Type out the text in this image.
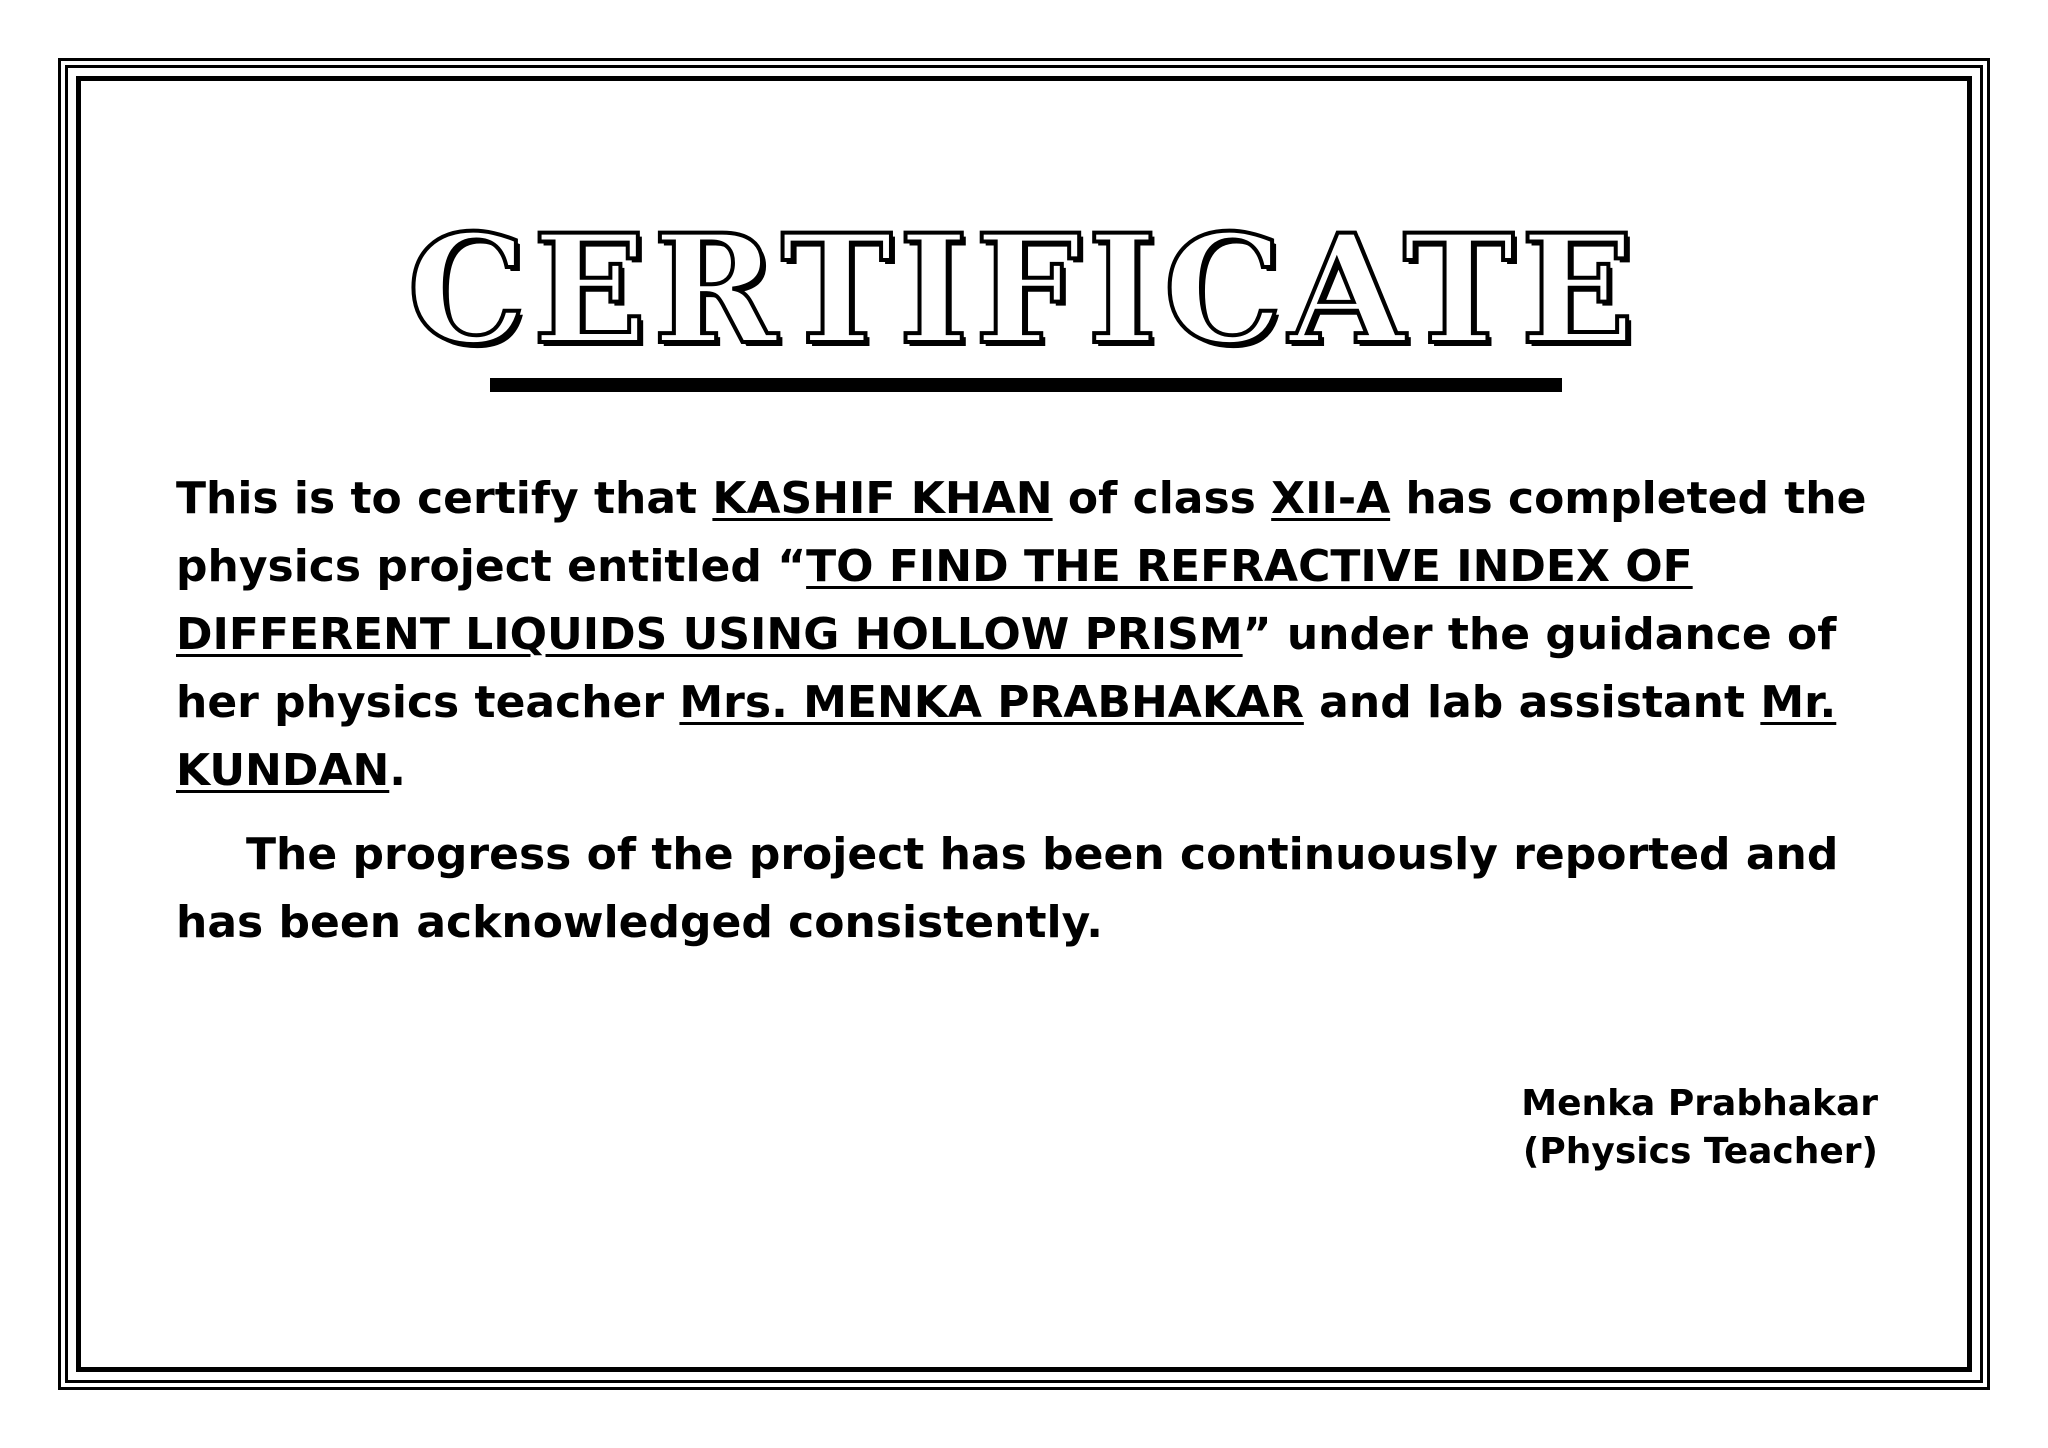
CERTIFICATE

This is to certify that KASHIF KHAN of class XII-A has completed the physics project entitled “TO FIND THE REFRACTIVE INDEX OF DIFFERENT LIQUIDS USING HOLLOW PRISM” under the guidance of her physics teacher Mrs. MENKA PRABHAKAR and lab assistant Mr. KUNDAN.

The progress of the project has been continuously reported and has been acknowledged consistently.

Menka Prabhakar
(Physics Teacher)
